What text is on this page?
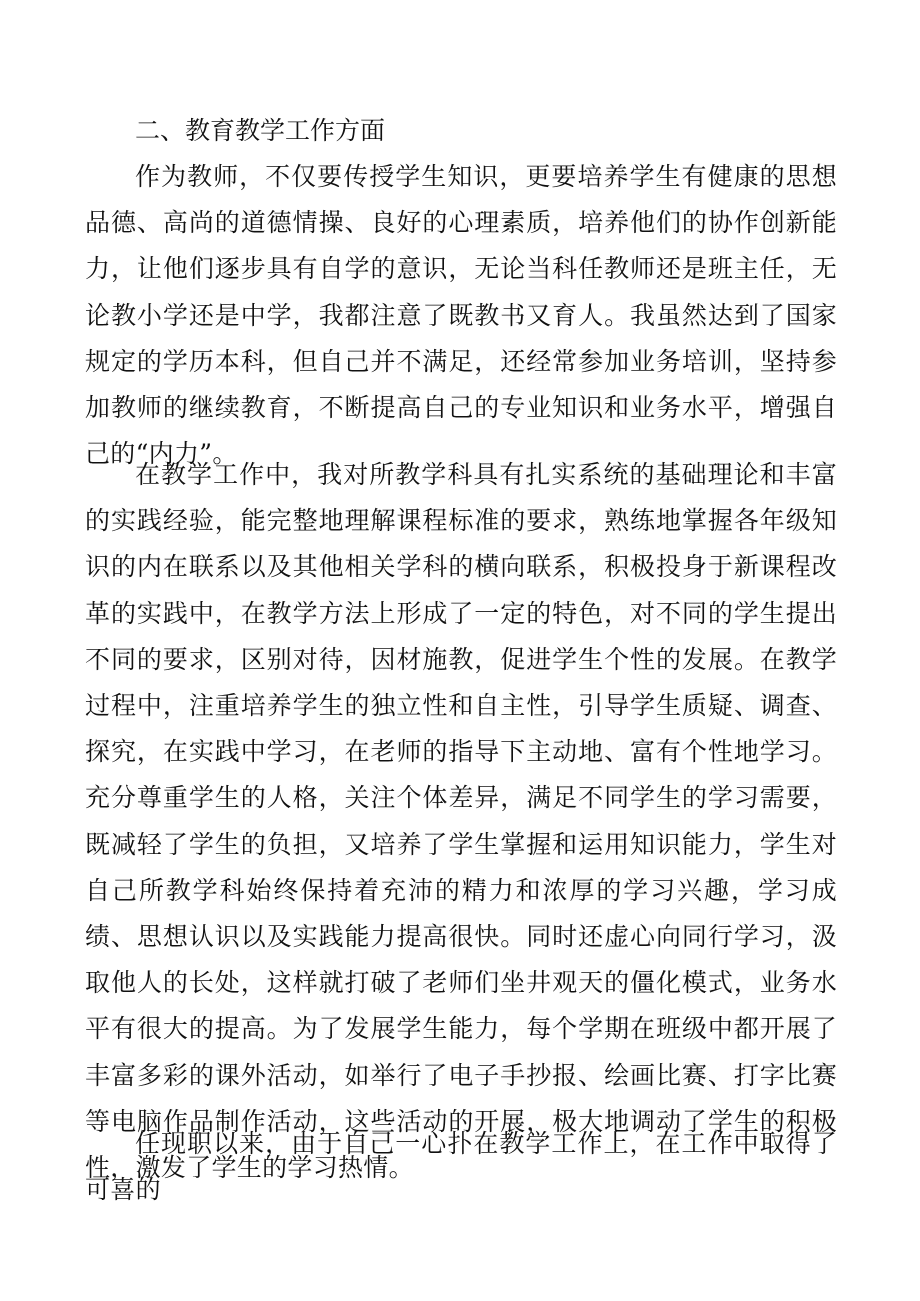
二、教育教学工作方面

作为教师，不仅要传授学生知识，更要培养学生有健康的思想品德、高尚的道德情操、良好的心理素质，培养他们的协作创新能力，让他们逐步具有自学的意识，无论当科任教师还是班主任，无论教小学还是中学，我都注意了既教书又育人。我虽然达到了国家规定的学历本科，但自己并不满足，还经常参加业务培训，坚持参加教师的继续教育，不断提高自己的专业知识和业务水平，增强自己的“内力”。

在教学工作中，我对所教学科具有扎实系统的基础理论和丰富的实践经验，能完整地理解课程标准的要求，熟练地掌握各年级知识的内在联系以及其他相关学科的横向联系，积极投身于新课程改革的实践中，在教学方法上形成了一定的特色，对不同的学生提出不同的要求，区别对待，因材施教，促进学生个性的发展。在教学过程中，注重培养学生的独立性和自主性，引导学生质疑、调查、探究，在实践中学习，在老师的指导下主动地、富有个性地学习。充分尊重学生的人格，关注个体差异，满足不同学生的学习需要，既减轻了学生的负担，又培养了学生掌握和运用知识能力，学生对自己所教学科始终保持着充沛的精力和浓厚的学习兴趣，学习成绩、思想认识以及实践能力提高很快。同时还虚心向同行学习，汲取他人的长处，这样就打破了老师们坐井观天的僵化模式，业务水平有很大的提高。为了发展学生能力，每个学期在班级中都开展了丰富多彩的课外活动，如举行了电子手抄报、绘画比赛、打字比赛等电脑作品制作活动，这些活动的开展，极大地调动了学生的积极性，激发了学生的学习热情。

任现职以来，由于自己一心扑在教学工作上，在工作中取得了可喜的
